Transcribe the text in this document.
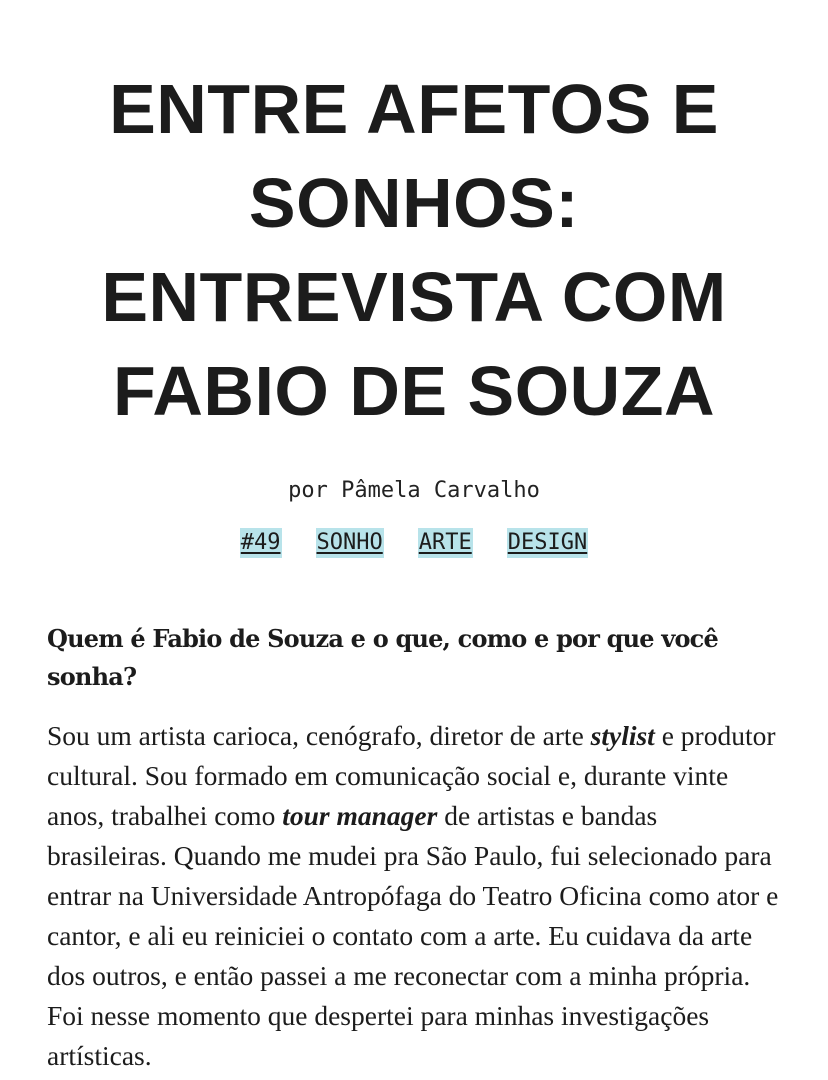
ENTRE AFETOS E
SONHOS:
ENTREVISTA COM
FABIO DE SOUZA
por Pâmela Carvalho
#49 SONHO ARTE DESIGN

Quem é Fabio de Souza e o que, como e por que você sonha?

Sou um artista carioca, cenógrafo, diretor de arte stylist e produtor cultural. Sou formado em comunicação social e, durante vinte anos, trabalhei como tour manager de artistas e bandas brasileiras. Quando me mudei pra São Paulo, fui selecionado para entrar na Universidade Antropófaga do Teatro Oficina como ator e cantor, e ali eu reiniciei o contato com a arte. Eu cuidava da arte dos outros, e então passei a me reconectar com a minha própria. Foi nesse momento que despertei para minhas investigações artísticas.
